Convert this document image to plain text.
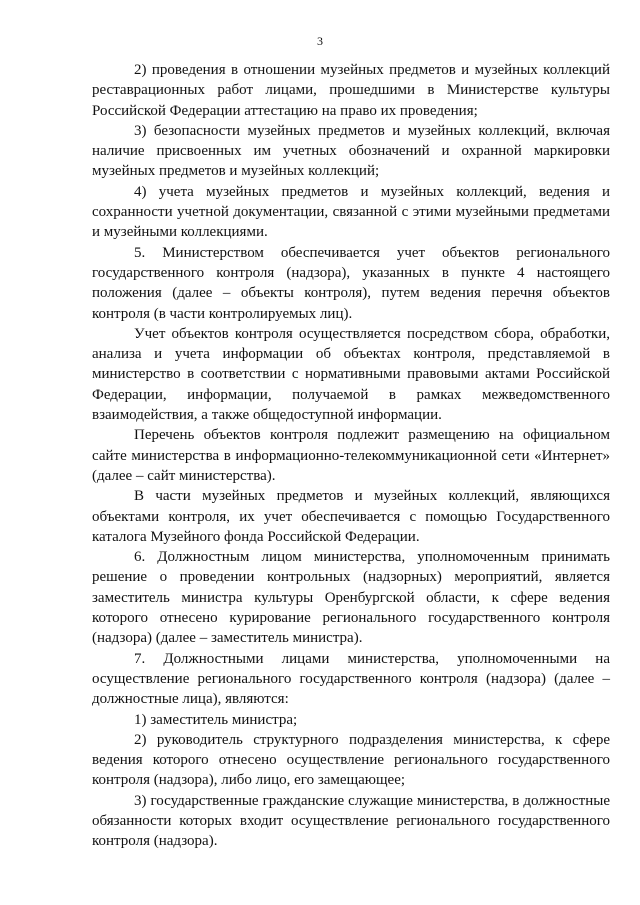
3

2) проведения в отношении музейных предметов и музейных коллекций реставрационных работ лицами, прошедшими в Министерстве культуры Российской Федерации аттестацию на право их проведения;

3) безопасности музейных предметов и музейных коллекций, включая наличие присвоенных им учетных обозначений и охранной маркировки музейных предметов и музейных коллекций;

4) учета музейных предметов и музейных коллекций, ведения и сохранности учетной документации, связанной с этими музейными предметами и музейными коллекциями.

5. Министерством обеспечивается учет объектов регионального государственного контроля (надзора), указанных в пункте 4 настоящего положения (далее – объекты контроля), путем ведения перечня объектов контроля (в части контролируемых лиц).

Учет объектов контроля осуществляется посредством сбора, обработки, анализа и учета информации об объектах контроля, представляемой в министерство в соответствии с нормативными правовыми актами Российской Федерации, информации, получаемой в рамках межведомственного взаимодействия, а также общедоступной информации.

Перечень объектов контроля подлежит размещению на официальном сайте министерства в информационно-телекоммуникационной сети «Интернет» (далее – сайт министерства).

В части музейных предметов и музейных коллекций, являющихся объектами контроля, их учет обеспечивается с помощью Государственного каталога Музейного фонда Российской Федерации.

6. Должностным лицом министерства, уполномоченным принимать решение о проведении контрольных (надзорных) мероприятий, является заместитель министра культуры Оренбургской области, к сфере ведения которого отнесено курирование регионального государственного контроля (надзора) (далее – заместитель министра).

7. Должностными лицами министерства, уполномоченными на осуществление регионального государственного контроля (надзора) (далее – должностные лица), являются:

1) заместитель министра;

2) руководитель структурного подразделения министерства, к сфере ведения которого отнесено осуществление регионального государственного контроля (надзора), либо лицо, его замещающее;

3) государственные гражданские служащие министерства, в должностные обязанности которых входит осуществление регионального государственного контроля (надзора).
